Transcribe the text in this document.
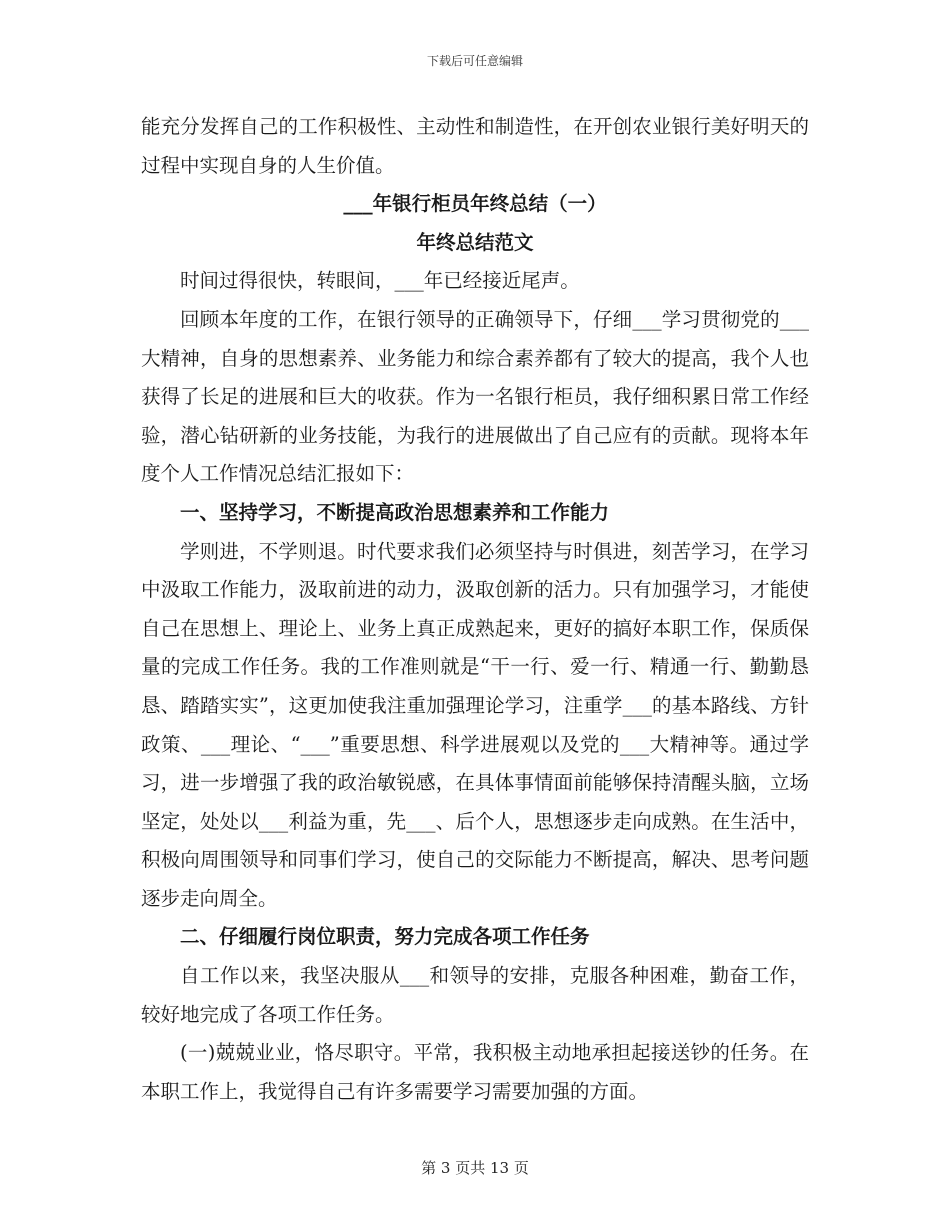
下载后可任意编辑

能充分发挥自己的工作积极性、主动性和制造性，在开创农业银行美好明天的过程中实现自身的人生价值。

___年银行柜员年终总结（一）

年终总结范文

时间过得很快，转眼间，___年已经接近尾声。

回顾本年度的工作，在银行领导的正确领导下，仔细___学习贯彻党的___大精神，自身的思想素养、业务能力和综合素养都有了较大的提高，我个人也获得了长足的进展和巨大的收获。作为一名银行柜员，我仔细积累日常工作经验，潜心钻研新的业务技能，为我行的进展做出了自己应有的贡献。现将本年度个人工作情况总结汇报如下：

一、坚持学习，不断提高政治思想素养和工作能力

学则进，不学则退。时代要求我们必须坚持与时俱进，刻苦学习，在学习中汲取工作能力，汲取前进的动力，汲取创新的活力。只有加强学习，才能使自己在思想上、理论上、业务上真正成熟起来，更好的搞好本职工作，保质保量的完成工作任务。我的工作准则就是“干一行、爱一行、精通一行、勤勤恳恳、踏踏实实”，这更加使我注重加强理论学习，注重学___的基本路线、方针政策、___理论、“___”重要思想、科学进展观以及党的___大精神等。通过学习，进一步增强了我的政治敏锐感，在具体事情面前能够保持清醒头脑，立场坚定，处处以___利益为重，先___、后个人，思想逐步走向成熟。在生活中，积极向周围领导和同事们学习，使自己的交际能力不断提高，解决、思考问题逐步走向周全。

二、仔细履行岗位职责，努力完成各项工作任务

自工作以来，我坚决服从___和领导的安排，克服各种困难，勤奋工作，较好地完成了各项工作任务。

(一)兢兢业业，恪尽职守。平常，我积极主动地承担起接送钞的任务。在本职工作上，我觉得自己有许多需要学习需要加强的方面。

第 3 页共 13 页
